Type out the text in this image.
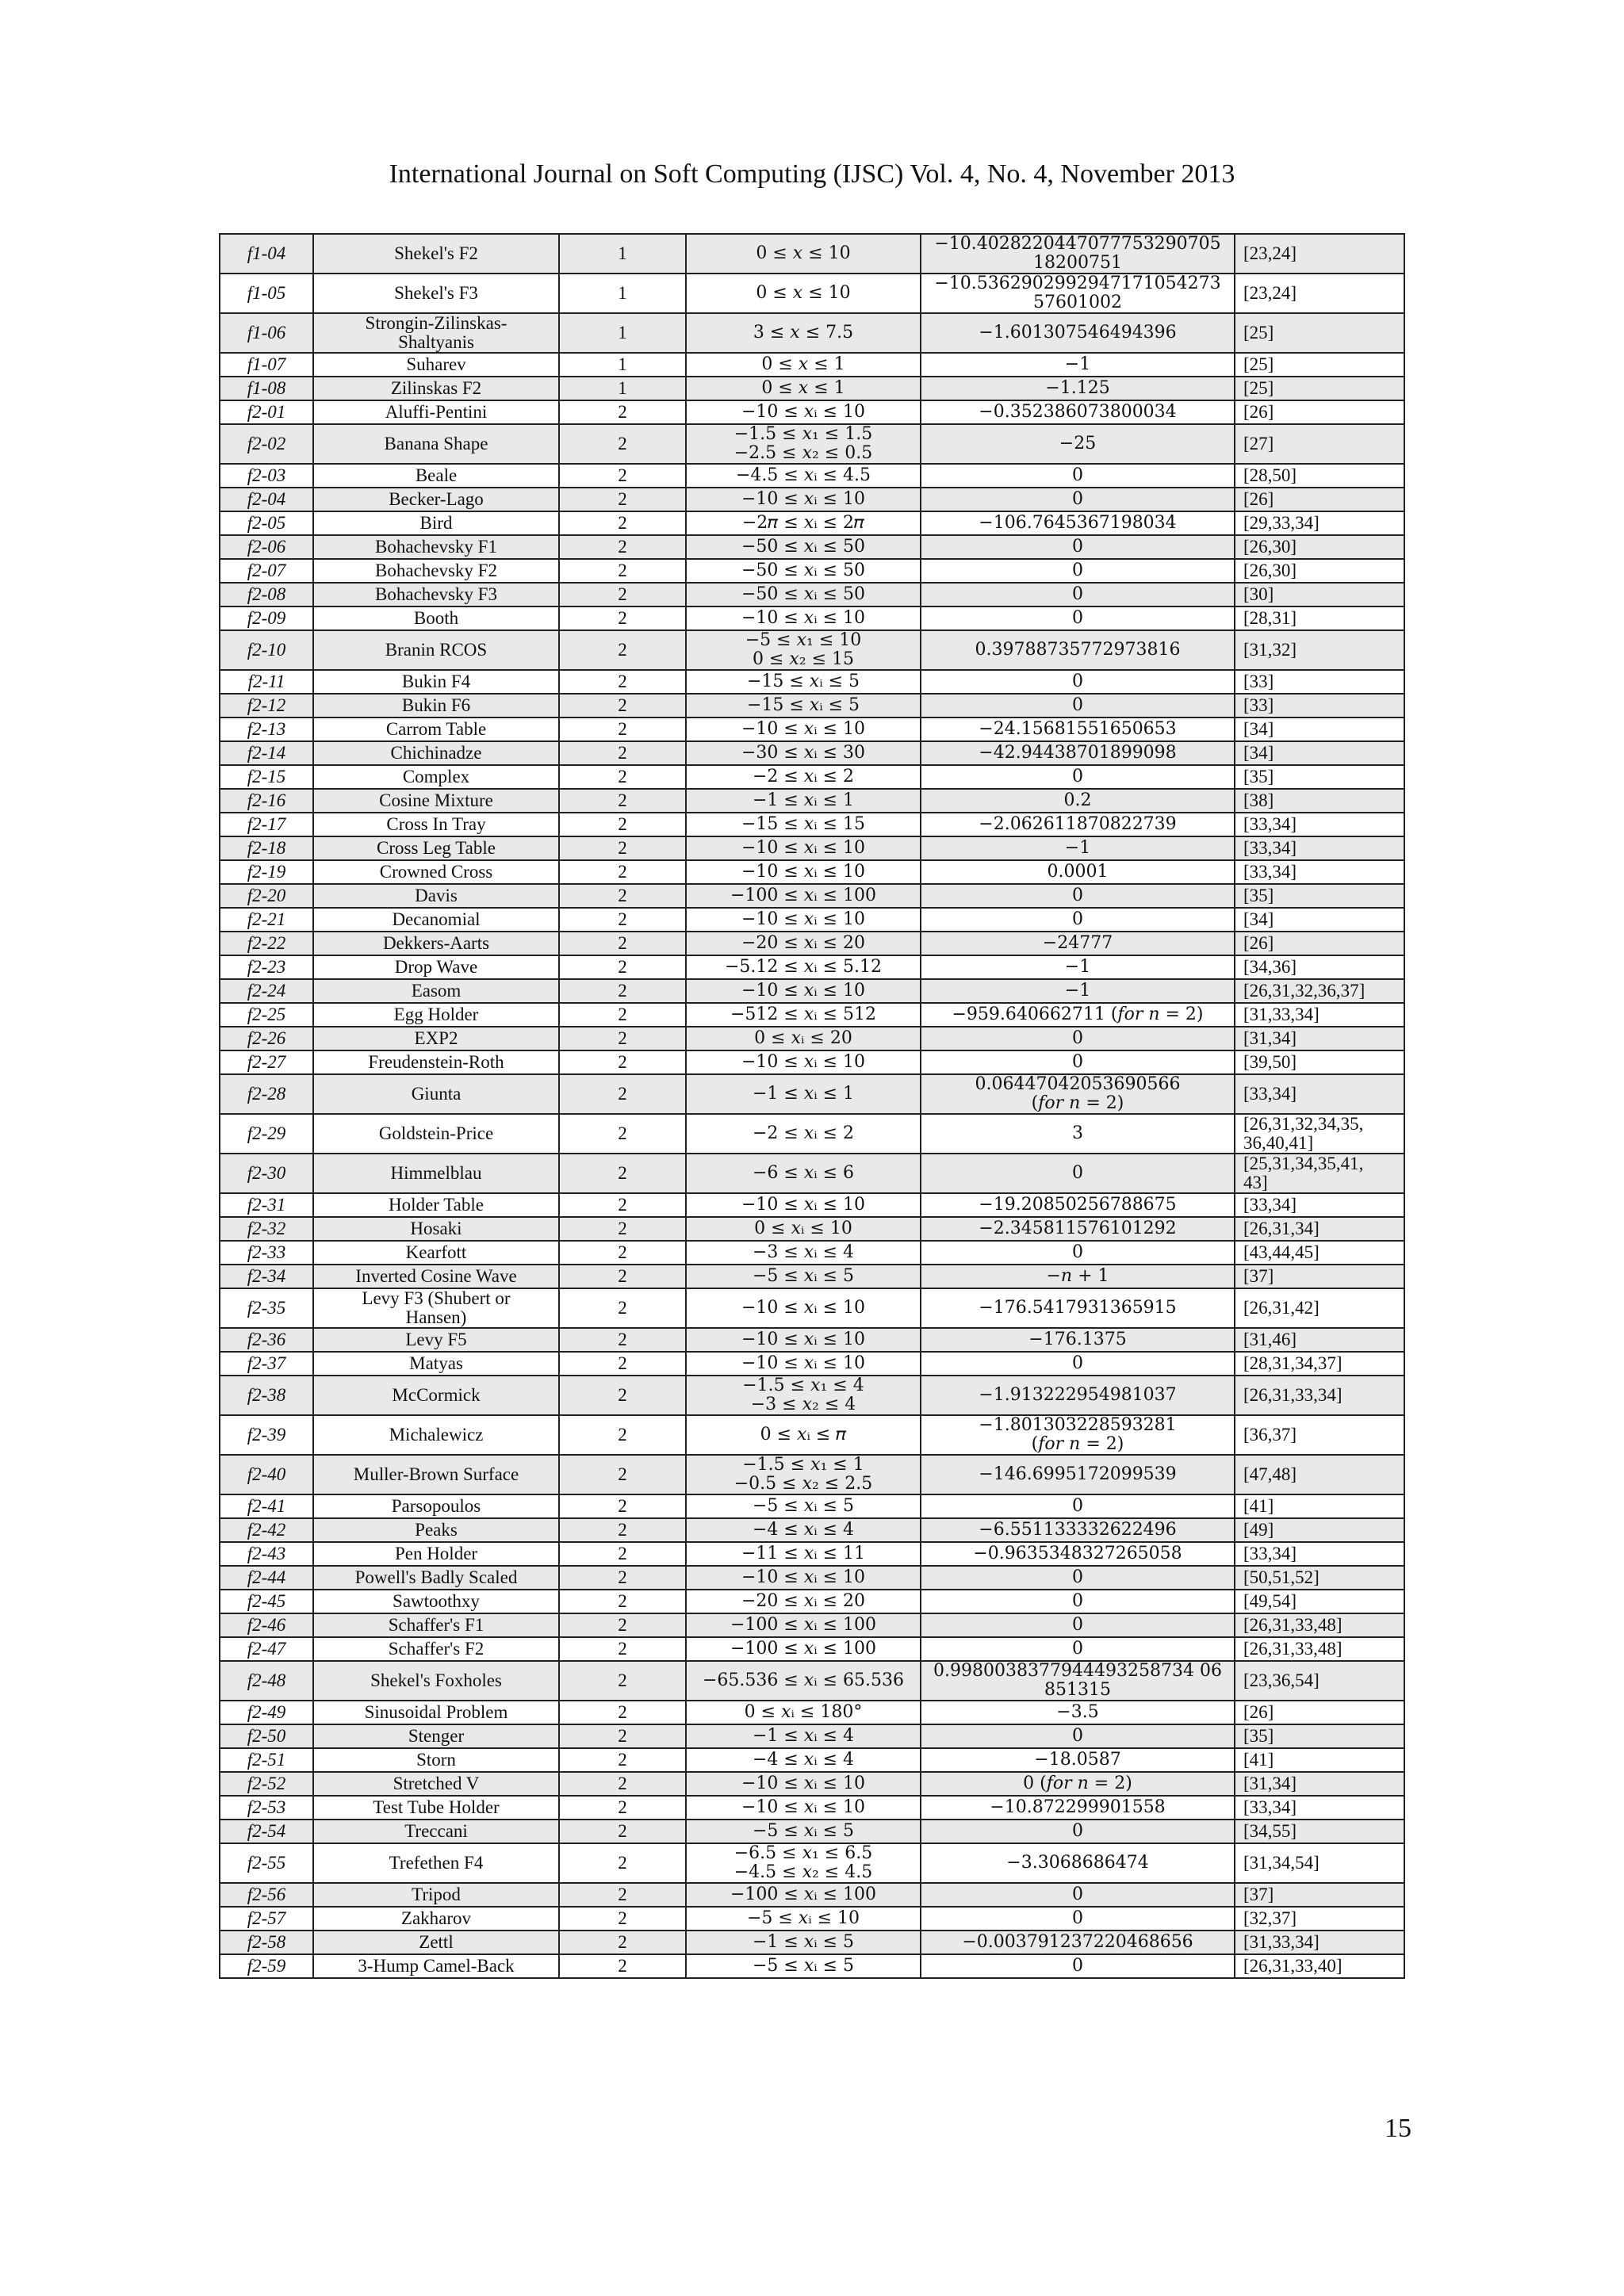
International Journal on Soft Computing (IJSC) Vol. 4, No. 4, November 2013
f1-04	Shekel's F2	1	0 ≤ 𝑥 ≤ 10	−10.4028220447077753290705
18200751	[23,24]
f1-05	Shekel's F3	1	0 ≤ 𝑥 ≤ 10	−10.5362902992947171054273
57601002	[23,24]
f1-06	Strongin-Zilinskas-
Shaltyanis	1	3 ≤ 𝑥 ≤ 7.5	−1.601307546494396	[25]
f1-07	Suharev	1	0 ≤ 𝑥 ≤ 1	−1	[25]
f1-08	Zilinskas F2	1	0 ≤ 𝑥 ≤ 1	−1.125	[25]
f2-01	Aluffi-Pentini	2	−10 ≤ 𝑥ᵢ ≤ 10	−0.352386073800034	[26]
f2-02	Banana Shape	2	−1.5 ≤ 𝑥₁ ≤ 1.5
−2.5 ≤ 𝑥₂ ≤ 0.5	−25	[27]
f2-03	Beale	2	−4.5 ≤ 𝑥ᵢ ≤ 4.5	0	[28,50]
f2-04	Becker-Lago	2	−10 ≤ 𝑥ᵢ ≤ 10	0	[26]
f2-05	Bird	2	−2𝜋 ≤ 𝑥ᵢ ≤ 2𝜋	−106.7645367198034	[29,33,34]
f2-06	Bohachevsky F1	2	−50 ≤ 𝑥ᵢ ≤ 50	0	[26,30]
f2-07	Bohachevsky F2	2	−50 ≤ 𝑥ᵢ ≤ 50	0	[26,30]
f2-08	Bohachevsky F3	2	−50 ≤ 𝑥ᵢ ≤ 50	0	[30]
f2-09	Booth	2	−10 ≤ 𝑥ᵢ ≤ 10	0	[28,31]
f2-10	Branin RCOS	2	−5 ≤ 𝑥₁ ≤ 10
0 ≤ 𝑥₂ ≤ 15	0.39788735772973816	[31,32]
f2-11	Bukin F4	2	−15 ≤ 𝑥ᵢ ≤ 5	0	[33]
f2-12	Bukin F6	2	−15 ≤ 𝑥ᵢ ≤ 5	0	[33]
f2-13	Carrom Table	2	−10 ≤ 𝑥ᵢ ≤ 10	−24.15681551650653	[34]
f2-14	Chichinadze	2	−30 ≤ 𝑥ᵢ ≤ 30	−42.94438701899098	[34]
f2-15	Complex	2	−2 ≤ 𝑥ᵢ ≤ 2	0	[35]
f2-16	Cosine Mixture	2	−1 ≤ 𝑥ᵢ ≤ 1	0.2	[38]
f2-17	Cross In Tray	2	−15 ≤ 𝑥ᵢ ≤ 15	−2.062611870822739	[33,34]
f2-18	Cross Leg Table	2	−10 ≤ 𝑥ᵢ ≤ 10	−1	[33,34]
f2-19	Crowned Cross	2	−10 ≤ 𝑥ᵢ ≤ 10	0.0001	[33,34]
f2-20	Davis	2	−100 ≤ 𝑥ᵢ ≤ 100	0	[35]
f2-21	Decanomial	2	−10 ≤ 𝑥ᵢ ≤ 10	0	[34]
f2-22	Dekkers-Aarts	2	−20 ≤ 𝑥ᵢ ≤ 20	−24777	[26]
f2-23	Drop Wave	2	−5.12 ≤ 𝑥ᵢ ≤ 5.12	−1	[34,36]
f2-24	Easom	2	−10 ≤ 𝑥ᵢ ≤ 10	−1	[26,31,32,36,37]
f2-25	Egg Holder	2	−512 ≤ 𝑥ᵢ ≤ 512	−959.640662711 (𝑓𝑜𝑟 𝑛 = 2)	[31,33,34]
f2-26	EXP2	2	0 ≤ 𝑥ᵢ ≤ 20	0	[31,34]
f2-27	Freudenstein-Roth	2	−10 ≤ 𝑥ᵢ ≤ 10	0	[39,50]
f2-28	Giunta	2	−1 ≤ 𝑥ᵢ ≤ 1	0.06447042053690566
(𝑓𝑜𝑟 𝑛 = 2)	[33,34]
f2-29	Goldstein-Price	2	−2 ≤ 𝑥ᵢ ≤ 2	3	[26,31,32,34,35,
36,40,41]

f2-30	Himmelblau	2	−6 ≤ 𝑥ᵢ ≤ 6	0	[25,31,34,35,41,
43]

f2-31	Holder Table	2	−10 ≤ 𝑥ᵢ ≤ 10	−19.20850256788675	[33,34]
f2-32	Hosaki	2	0 ≤ 𝑥ᵢ ≤ 10	−2.345811576101292	[26,31,34]
f2-33	Kearfott	2	−3 ≤ 𝑥ᵢ ≤ 4	0	[43,44,45]
f2-34	Inverted Cosine Wave	2	−5 ≤ 𝑥ᵢ ≤ 5	−𝑛 + 1	[37]
f2-35	Levy F3 (Shubert or
Hansen)	2	−10 ≤ 𝑥ᵢ ≤ 10	−176.5417931365915	[26,31,42]
f2-36	Levy F5	2	−10 ≤ 𝑥ᵢ ≤ 10	−176.1375	[31,46]
f2-37	Matyas	2	−10 ≤ 𝑥ᵢ ≤ 10	0	[28,31,34,37]
f2-38	McCormick	2	−1.5 ≤ 𝑥₁ ≤ 4
−3 ≤ 𝑥₂ ≤ 4	−1.913222954981037	[26,31,33,34]
f2-39	Michalewicz	2	0 ≤ 𝑥ᵢ ≤ 𝜋	−1.801303228593281
(𝑓𝑜𝑟 𝑛 = 2)	[36,37]
f2-40	Muller-Brown Surface	2	−1.5 ≤ 𝑥₁ ≤ 1
−0.5 ≤ 𝑥₂ ≤ 2.5	−146.6995172099539	[47,48]
f2-41	Parsopoulos	2	−5 ≤ 𝑥ᵢ ≤ 5	0	[41]
f2-42	Peaks	2	−4 ≤ 𝑥ᵢ ≤ 4	−6.551133332622496	[49]
f2-43	Pen Holder	2	−11 ≤ 𝑥ᵢ ≤ 11	−0.9635348327265058	[33,34]
f2-44	Powell's Badly Scaled	2	−10 ≤ 𝑥ᵢ ≤ 10	0	[50,51,52]
f2-45	Sawtoothxy	2	−20 ≤ 𝑥ᵢ ≤ 20	0	[49,54]
f2-46	Schaffer's F1	2	−100 ≤ 𝑥ᵢ ≤ 100	0	[26,31,33,48]
f2-47	Schaffer's F2	2	−100 ≤ 𝑥ᵢ ≤ 100	0	[26,31,33,48]
f2-48	Shekel's Foxholes	2	−65.536 ≤ 𝑥ᵢ ≤ 65.536	0.9980038377944493258734 06
851315	[23,36,54]
f2-49	Sinusoidal Problem	2	0 ≤ 𝑥ᵢ ≤ 180°	−3.5	[26]
f2-50	Stenger	2	−1 ≤ 𝑥ᵢ ≤ 4	0	[35]
f2-51	Storn	2	−4 ≤ 𝑥ᵢ ≤ 4	−18.0587	[41]
f2-52	Stretched V	2	−10 ≤ 𝑥ᵢ ≤ 10	0 (𝑓𝑜𝑟 𝑛 = 2)	[31,34]
f2-53	Test Tube Holder	2	−10 ≤ 𝑥ᵢ ≤ 10	−10.872299901558	[33,34]
f2-54	Treccani	2	−5 ≤ 𝑥ᵢ ≤ 5	0	[34,55]
f2-55	Trefethen F4	2	−6.5 ≤ 𝑥₁ ≤ 6.5
−4.5 ≤ 𝑥₂ ≤ 4.5	−3.3068686474	[31,34,54]
f2-56	Tripod	2	−100 ≤ 𝑥ᵢ ≤ 100	0	[37]
f2-57	Zakharov	2	−5 ≤ 𝑥ᵢ ≤ 10	0	[32,37]
f2-58	Zettl	2	−1 ≤ 𝑥ᵢ ≤ 5	−0.003791237220468656	[31,33,34]
f2-59	3-Hump Camel-Back	2	−5 ≤ 𝑥ᵢ ≤ 5	0	[26,31,33,40]
15
